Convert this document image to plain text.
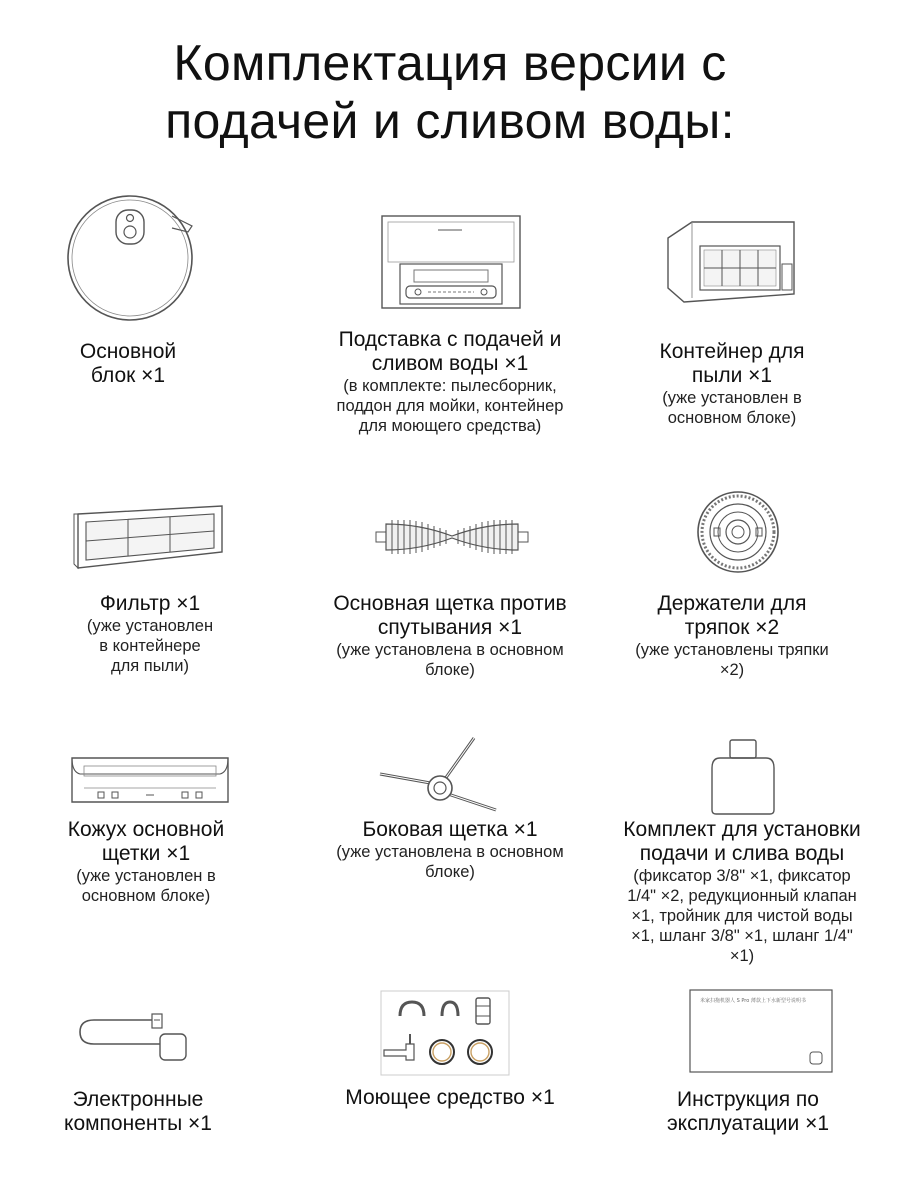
Комплектация версии с
подачей и сливом воды:

Основной
блок ×1

Подставка с подачей и
сливом воды ×1

(в комплекте: пылесборник,
поддон для мойки, контейнер
для моющего средства)

Контейнер для
пыли ×1

(уже установлен в
основном блоке)

Фильтр ×1

(уже установлен
в контейнере
для пыли)

Основная щетка против
спутывания ×1

(уже установлена в основном
блоке)

Держатели для
тряпок ×2

(уже установлены тряпки
×2)

Кожух основной
щетки ×1

(уже установлен в
основном блоке)

Боковая щетка ×1

(уже установлена в основном
блоке)

Комплект для установки
подачи и слива воды

(фиксатор 3/8" ×1, фиксатор
1/4" ×2, редукционный клапан
×1, тройник для чистой воды
×1, шланг 3/8" ×1, шланг 1/4"
×1)

Электронные
компоненты ×1

Моющее средство ×1

米家扫拖机器人 S Pro 薄款上下水新型号说明书

Инструкция по
эксплуатации ×1
